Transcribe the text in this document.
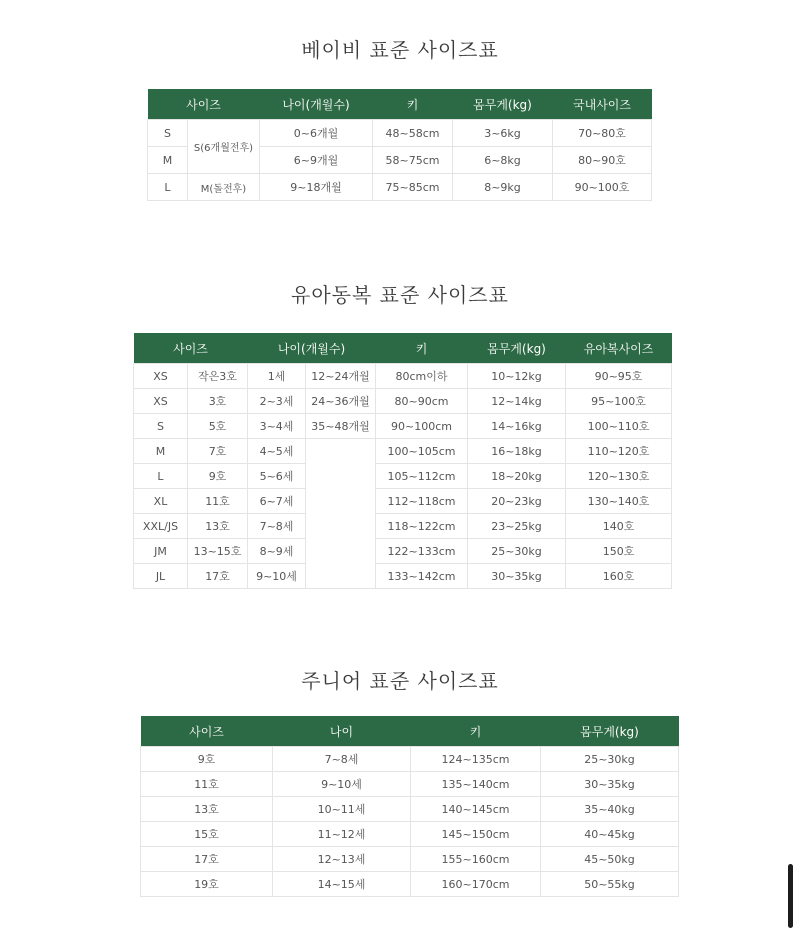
베이비 표준 사이즈표
사이즈		나이(개월수)	키	몸무게(kg)	국내사이즈
S	S(6개월전후)	0~6개월	48~58cm	3~6kg	70~80호
M		6~9개월	58~75cm	6~8kg	80~90호
L	M(돌전후)	9~18개월	75~85cm	8~9kg	90~100호
유아동복 표준 사이즈표
사이즈		나이(개월수)		키	몸무게(kg)	유아복사이즈
XS	작은3호	1세	12~24개월	80cm이하	10~12kg	90~95호
XS	3호	2~3세	24~36개월	80~90cm	12~14kg	95~100호
S	5호	3~4세	35~48개월	90~100cm	14~16kg	100~110호
M	7호	4~5세		100~105cm	16~18kg	110~120호
L	9호	5~6세		105~112cm	18~20kg	120~130호
XL	11호	6~7세		112~118cm	20~23kg	130~140호
XXL/JS	13호	7~8세		118~122cm	23~25kg	140호
JM	13~15호	8~9세		122~133cm	25~30kg	150호
JL	17호	9~10세		133~142cm	30~35kg	160호
주니어 표준 사이즈표
사이즈	나이	키	몸무게(kg)
9호	7~8세	124~135cm	25~30kg
11호	9~10세	135~140cm	30~35kg
13호	10~11세	140~145cm	35~40kg
15호	11~12세	145~150cm	40~45kg
17호	12~13세	155~160cm	45~50kg
19호	14~15세	160~170cm	50~55kg
